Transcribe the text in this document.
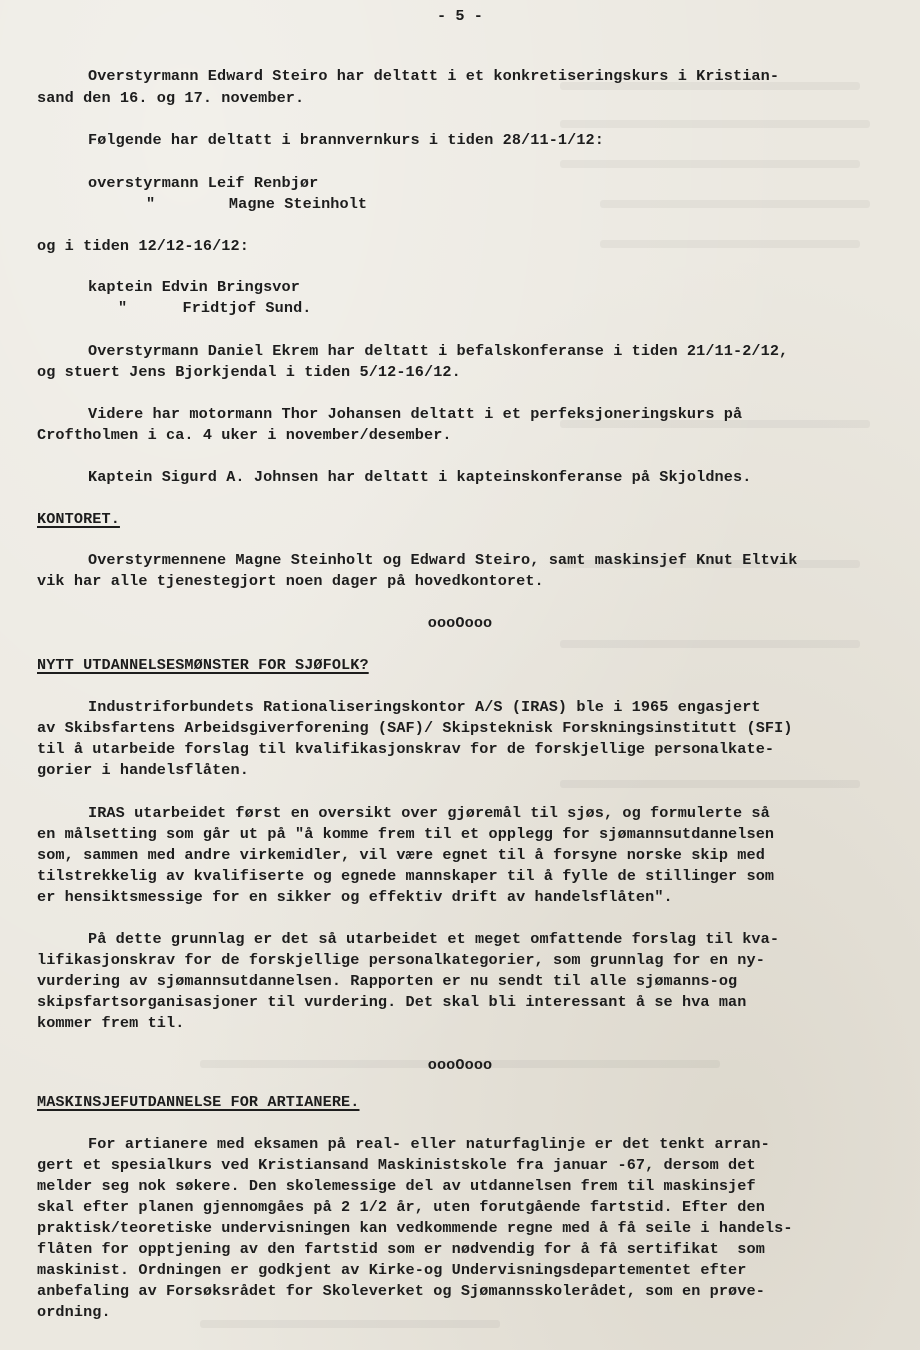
- 5 -
Overstyrmann Edward Steiro har deltatt i et konkretiseringskurs i Kristian-
sand den 16. og 17. november.
Følgende har deltatt i brannvernkurs i tiden 28/11-1/12:
overstyrmann Leif Renbjør
"        Magne Steinholt
og i tiden 12/12-16/12:
kaptein Edvin Bringsvor
"      Fridtjof Sund.
Overstyrmann Daniel Ekrem har deltatt i befalskonferanse i tiden 21/11-2/12,
og stuert Jens Bjorkjendal i tiden 5/12-16/12.
Videre har motormann Thor Johansen deltatt i et perfeksjoneringskurs på
Croftholmen i ca. 4 uker i november/desember.
Kaptein Sigurd A. Johnsen har deltatt i kapteinskonferanse på Skjoldnes.
KONTORET.
Overstyrmennene Magne Steinholt og Edward Steiro, samt maskinsjef Knut Eltvik
vik har alle tjenestegjort noen dager på hovedkontoret.
oooOooo
NYTT UTDANNELSESMØNSTER FOR SJØFOLK?
Industriforbundets Rationaliseringskontor A/S (IRAS) ble i 1965 engasjert
av Skibsfartens Arbeidsgiverforening (SAF)/ Skipsteknisk Forskningsinstitutt (SFI)
til å utarbeide forslag til kvalifikasjonskrav for de forskjellige personalkate-
gorier i handelsflåten.
IRAS utarbeidet først en oversikt over gjøremål til sjøs, og formulerte så
en målsetting som går ut på "å komme frem til et opplegg for sjømannsutdannelsen
som, sammen med andre virkemidler, vil være egnet til å forsyne norske skip med
tilstrekkelig av kvalifiserte og egnede mannskaper til å fylle de stillinger som
er hensiktsmessige for en sikker og effektiv drift av handelsflåten".
På dette grunnlag er det så utarbeidet et meget omfattende forslag til kva-
lifikasjonskrav for de forskjellige personalkategorier, som grunnlag for en ny-
vurdering av sjømannsutdannelsen. Rapporten er nu sendt til alle sjømanns-og
skipsfartsorganisasjoner til vurdering. Det skal bli interessant å se hva man
kommer frem til.
oooOooo
MASKINSJEFUTDANNELSE FOR ARTIANERE.
For artianere med eksamen på real- eller naturfaglinje er det tenkt arran-
gert et spesialkurs ved Kristiansand Maskinistskole fra januar -67, dersom det
melder seg nok søkere. Den skolemessige del av utdannelsen frem til maskinsjef
skal efter planen gjennomgåes på 2 1/2 år, uten forutgående fartstid. Efter den
praktisk/teoretiske undervisningen kan vedkommende regne med å få seile i handels-
flåten for opptjening av den fartstid som er nødvendig for å få sertifikat  som
maskinist. Ordningen er godkjent av Kirke-og Undervisningsdepartementet efter
anbefaling av Forsøksrådet for Skoleverket og Sjømannsskolerådet, som en prøve-
ordning.
